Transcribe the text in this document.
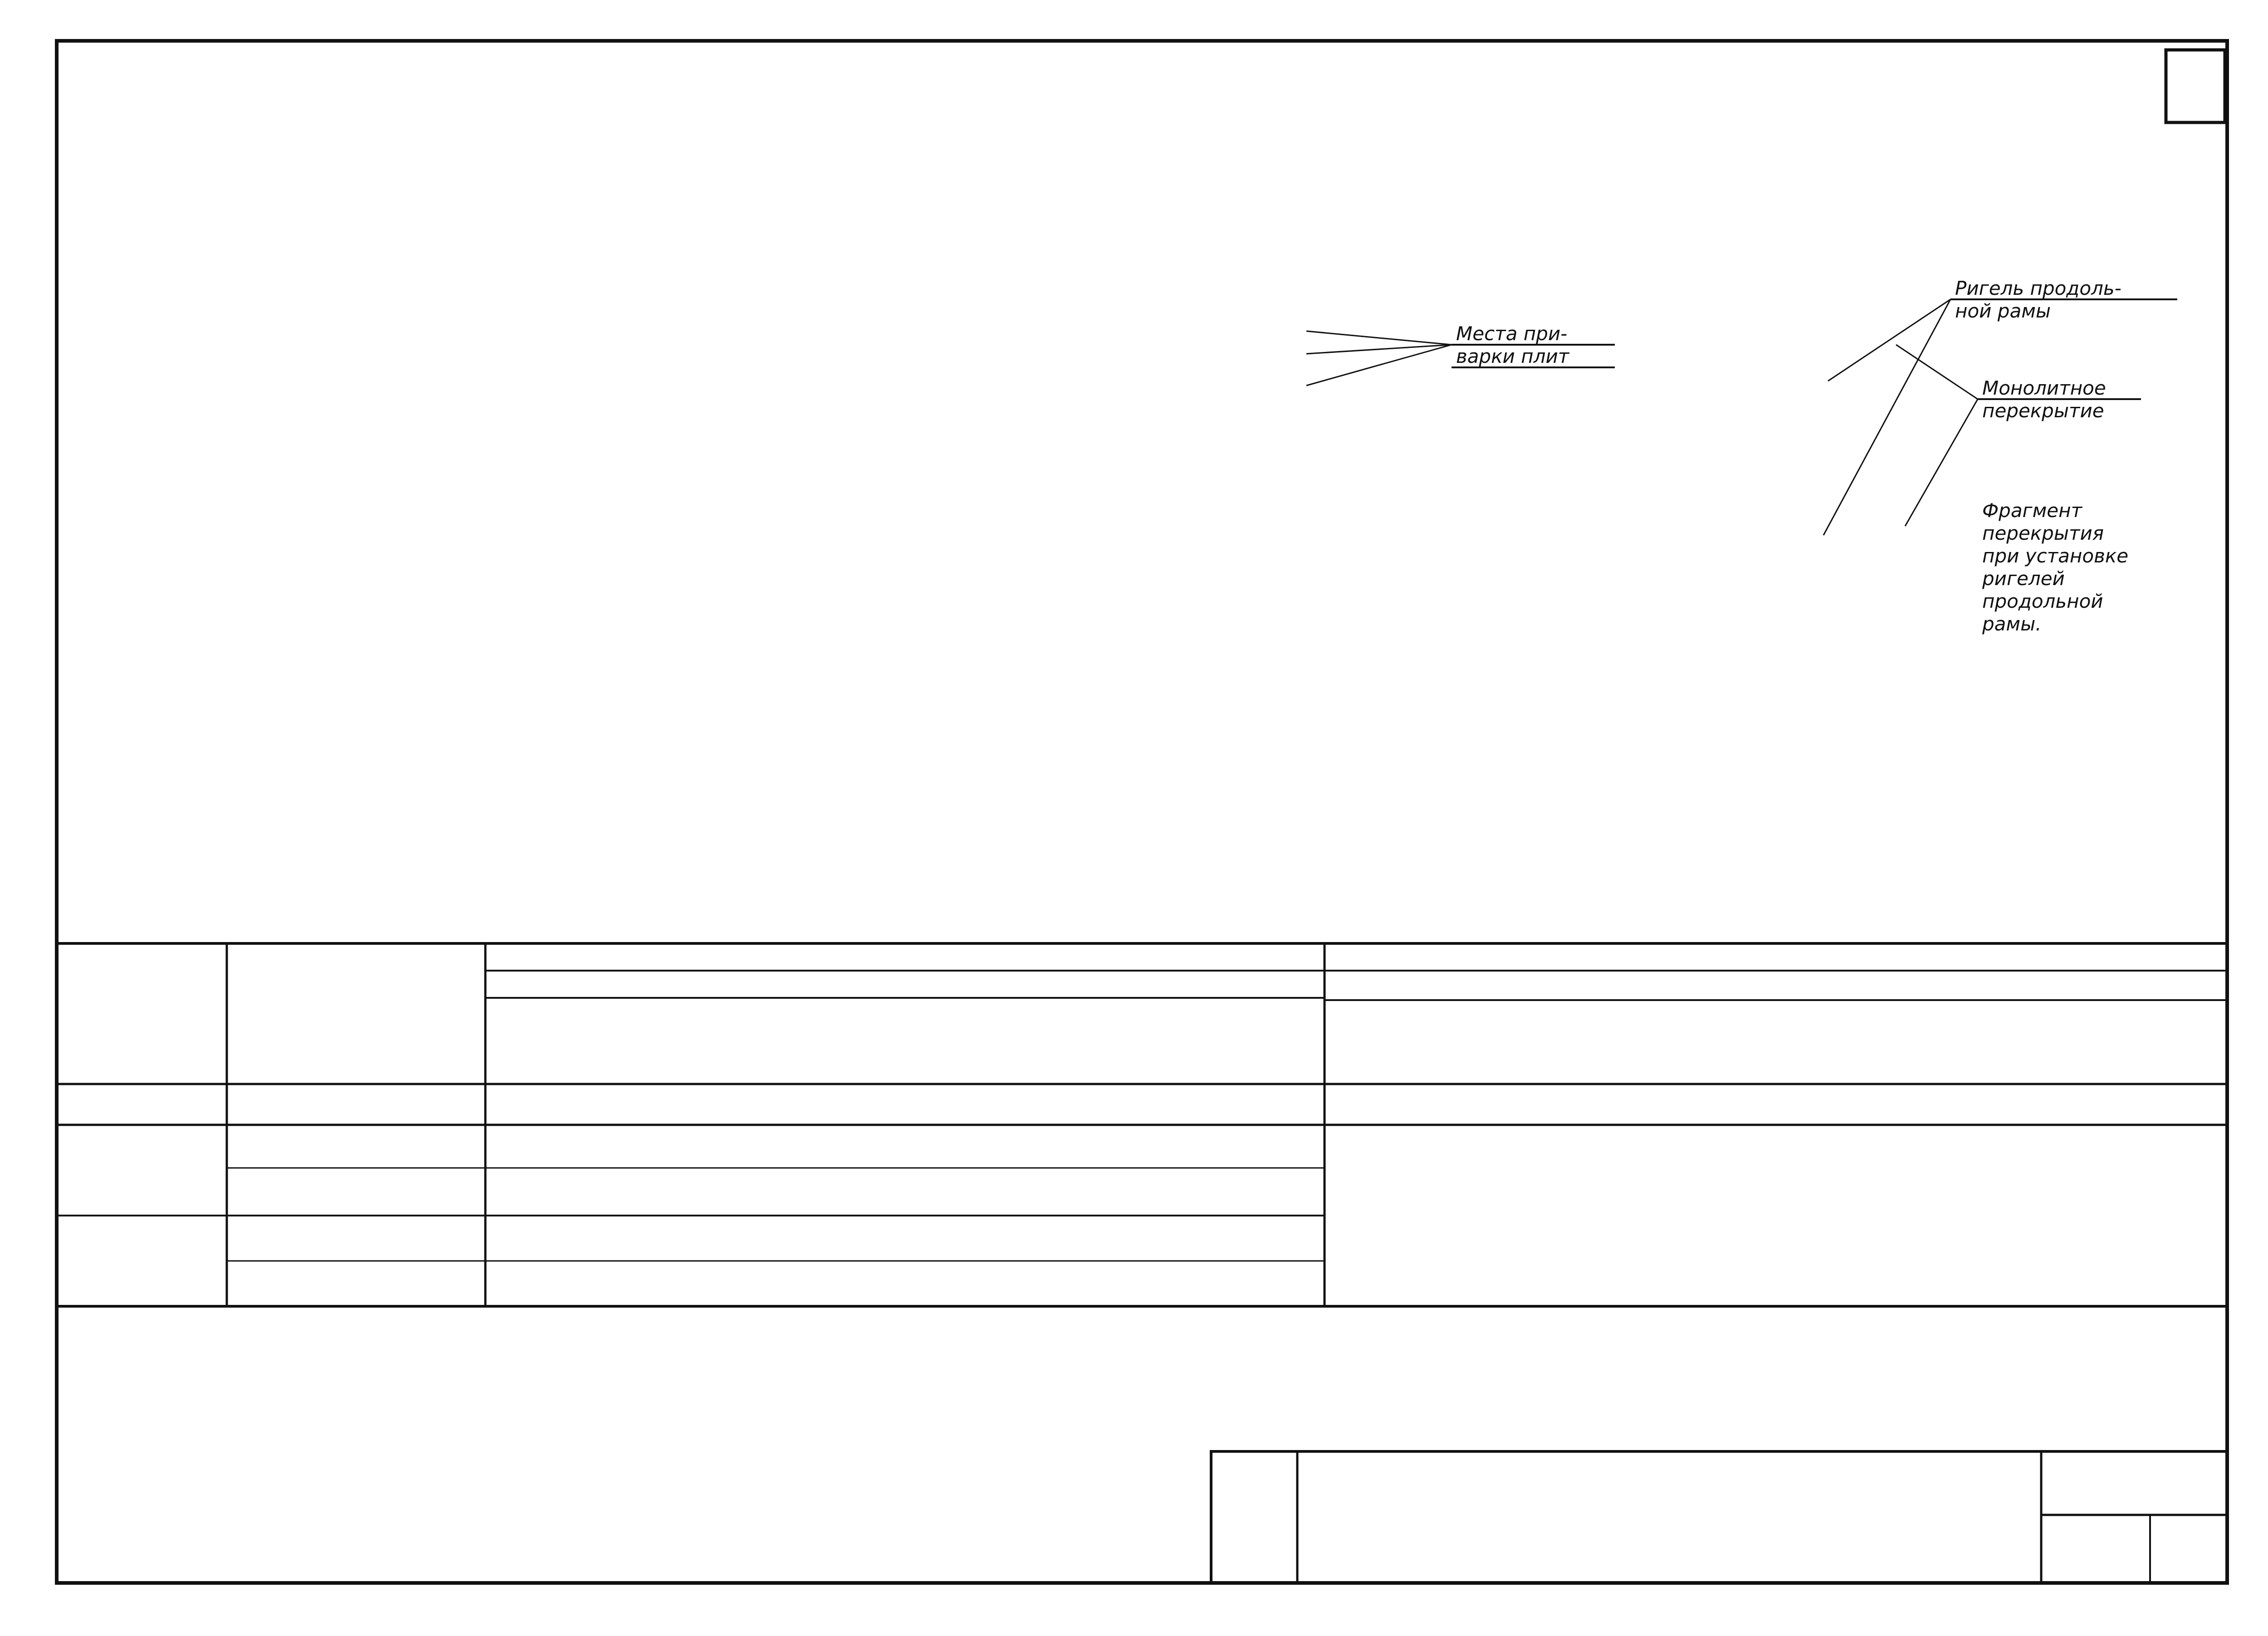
Места при-
варки плит
Ригель продоль-
ной рамы
Монолитное
перекрытие
Фрагмент
перекрытия
при установке
ригелей
продольной
рамы.
